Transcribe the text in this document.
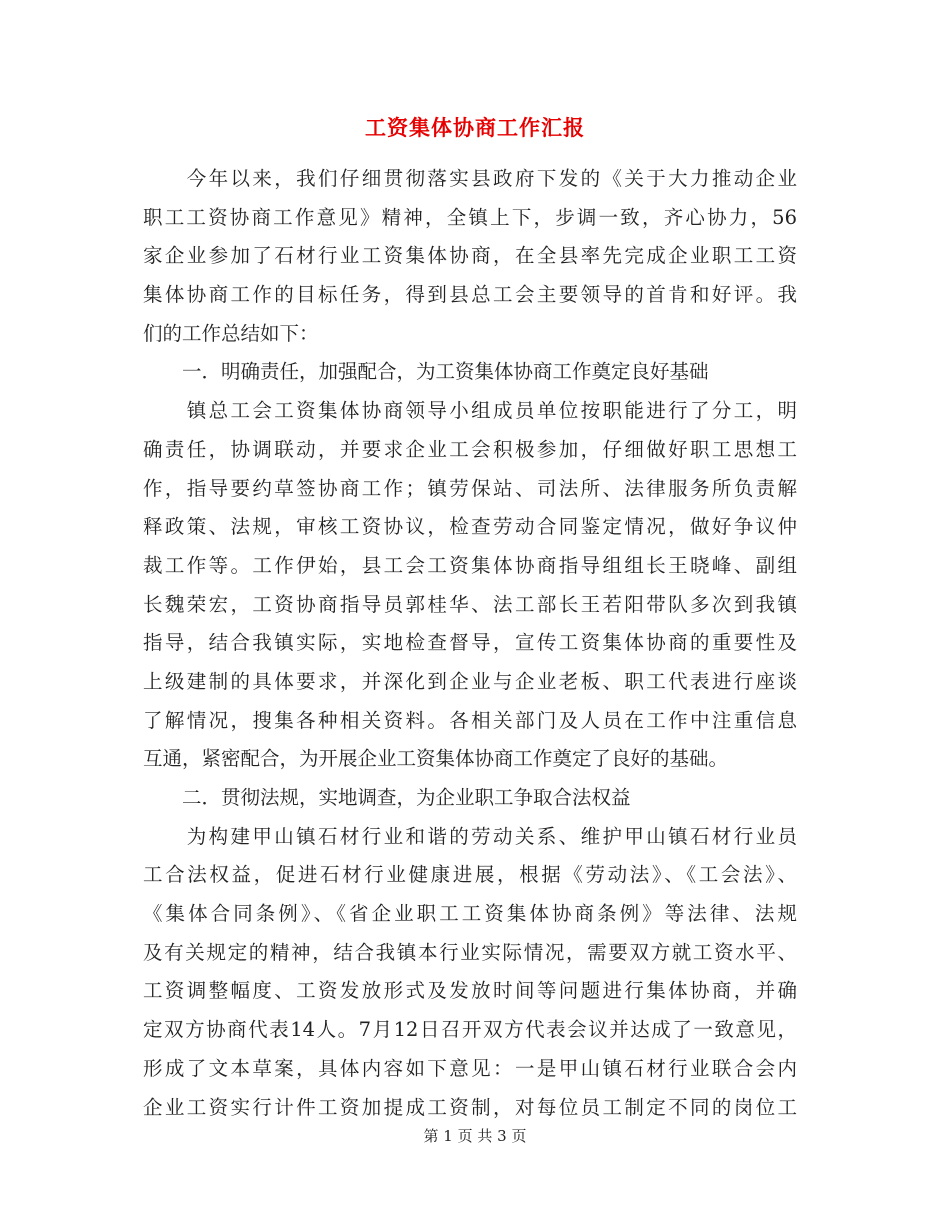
工资集体协商工作汇报
　　今年以来，我们仔细贯彻落实县政府下发的《关于大力推动企业
职工工资协商工作意见》精神，全镇上下，步调一致，齐心协力，56
家企业参加了石材行业工资集体协商，在全县率先完成企业职工工资
集体协商工作的目标任务，得到县总工会主要领导的首肯和好评。我
们的工作总结如下：
　　一．明确责任，加强配合，为工资集体协商工作奠定良好基础
　　镇总工会工资集体协商领导小组成员单位按职能进行了分工，明
确责任，协调联动，并要求企业工会积极参加，仔细做好职工思想工
作，指导要约草签协商工作；镇劳保站、司法所、法律服务所负责解
释政策、法规，审核工资协议，检查劳动合同鉴定情况，做好争议仲
裁工作等。工作伊始，县工会工资集体协商指导组组长王晓峰、副组
长魏荣宏，工资协商指导员郭桂华、法工部长王若阳带队多次到我镇
指导，结合我镇实际，实地检查督导，宣传工资集体协商的重要性及
上级建制的具体要求，并深化到企业与企业老板、职工代表进行座谈
了解情况，搜集各种相关资料。各相关部门及人员在工作中注重信息
互通，紧密配合，为开展企业工资集体协商工作奠定了良好的基础。
　　二．贯彻法规，实地调查，为企业职工争取合法权益
　　为构建甲山镇石材行业和谐的劳动关系、维护甲山镇石材行业员
工合法权益，促进石材行业健康进展，根据《劳动法》、《工会法》、
《集体合同条例》、《省企业职工工资集体协商条例》等法律、法规
及有关规定的精神，结合我镇本行业实际情况，需要双方就工资水平、
工资调整幅度、工资发放形式及发放时间等问题进行集体协商，并确
定双方协商代表14人。7月12日召开双方代表会议并达成了一致意见，
形成了文本草案，具体内容如下意见：一是甲山镇石材行业联合会内
企业工资实行计件工资加提成工资制，对每位员工制定不同的岗位工
第 1 页 共 3 页
